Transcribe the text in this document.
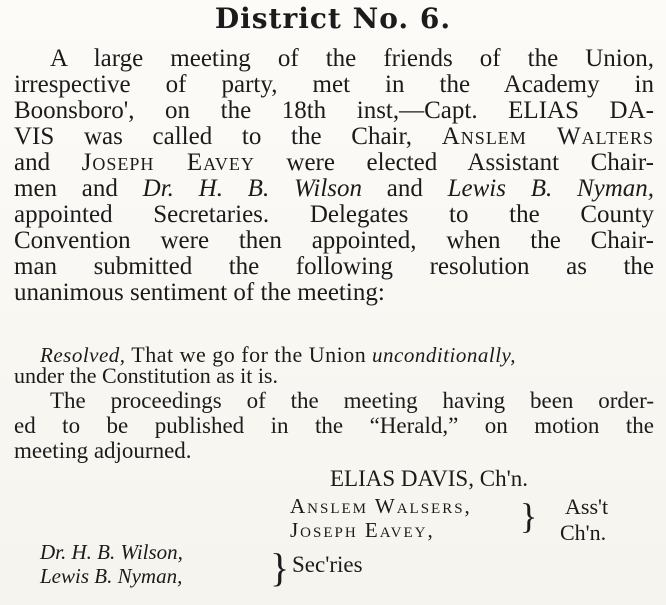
District No. 6.
A large meeting of the friends of the Union,
irrespective of party, met in the Academy in
Boonsboro', on the 18th inst,—Capt. ELIAS DA-
VIS was called to the Chair, Anslem Walters
and Joseph Eavey were elected Assistant Chair-
men and Dr. H. B. Wilson and Lewis B. Nyman,
appointed Secretaries. Delegates to the County
Convention were then appointed, when the Chair-
man submitted the following resolution as the
unanimous sentiment of the meeting:
Resolved, That we go for the Union unconditionally,
under the Constitution as it is.
The proceedings of the meeting having been order-
ed to be published in the “Herald,” on motion the
meeting adjourned.
ELIAS DAVIS, Ch'n.
Anslem Walsers,
Joseph Eavey, } Ass't
Ch'n.
Dr. H. B. Wilson,
Lewis B. Nyman, } Sec'ries
